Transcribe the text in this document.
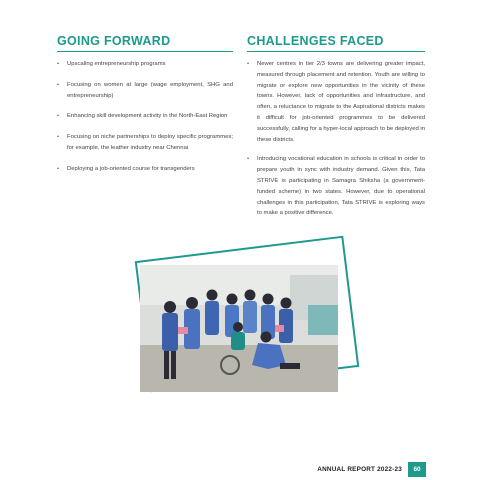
GOING FORWARD
• Upscaling entrepreneurship programs
• Focusing on women at large (wage employment, SHG and entrepreneurship)
• Enhancing skill development activity in the North-East Region
• Focusing on niche partnerships to deploy specific programmes; for example, the leather industry near Chennai
• Deploying a job-oriented course for transgenders
CHALLENGES FACED
• Newer centres in tier 2/3 towns are delivering greater impact, measured through placement and retention. Youth are willing to migrate or explore new opportunities in the vicinity of these towns. However, lack of opportunities and infrastructure, and often, a reluctance to migrate to the Aspirational districts makes it difficult for job-oriented programmes to be delivered successfully, calling for a hyper-local approach to be deployed in these districts.
• Introducing vocational education in schools is critical in order to prepare youth in sync with industry demand. Given this, Tata STRIVE is participating in Samagra Shiksha (a government-funded scheme) in two states. However, due to operational challenges in this participation, Tata STRIVE is exploring ways to make a positive difference.
ANNUAL REPORT 2022-23	60
